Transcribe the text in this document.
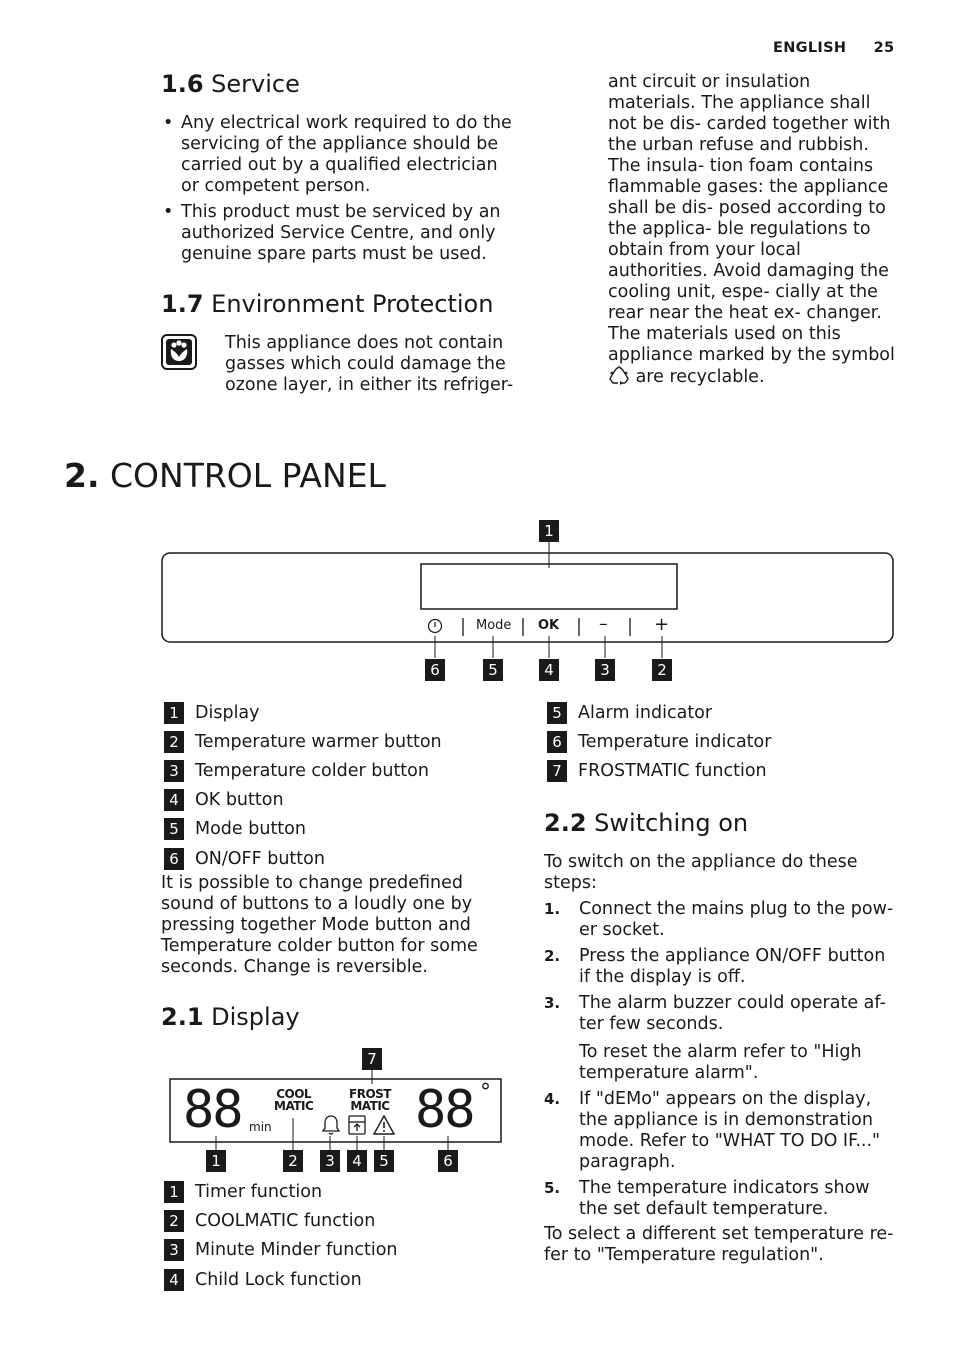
ENGLISH 25
1.6 Service
• Any electrical work required to do the servicing of the appliance should be carried out by a qualified electrician or competent person.
• This product must be serviced by an authorized Service Centre, and only genuine spare parts must be used.
1.7 Environment Protection
This appliance does not contain gasses which could damage the ozone layer, in either its refriger-
ant circuit or insulation materials. The appliance shall not be dis- carded together with the urban refuse and rubbish. The insula- tion foam contains flammable gases: the appliance shall be dis- posed according to the applica- ble regulations to obtain from your local authorities. Avoid damaging the cooling unit, espe- cially at the rear near the heat ex- changer. The materials used on this appliance marked by the symbol  are recyclable.
2. CONTROL PANEL
Mode OK –	+
1
6	5	4	3	2
1 Display
2 Temperature warmer button
3 Temperature colder button
4 OK button
5 Mode button
6 ON/OFF button
5 Alarm indicator
6 Temperature indicator
7 FROSTMATIC function
It is possible to change predefined sound of buttons to a loudly one by pressing together Mode button and Temperature colder button for some seconds. Change is reversible.
2.1 Display
88 min
COOL
MATIC
FROST
MATIC 88 °
7
1	2	3	4	5	6
1 Timer function
2 COOLMATIC function
3 Minute Minder function
4 Child Lock function
2.2 Switching on
To switch on the appliance do these steps:
1. Connect the mains plug to the pow- er socket.
2. Press the appliance ON/OFF button if the display is off.
3. The alarm buzzer could operate af- ter few seconds.
To reset the alarm refer to "High temperature alarm".
4. If "dEMo" appears on the display, the appliance is in demonstration mode. Refer to "WHAT TO DO IF..." paragraph.
5. The temperature indicators show the set default temperature.
To select a different set temperature re- fer to "Temperature regulation".
